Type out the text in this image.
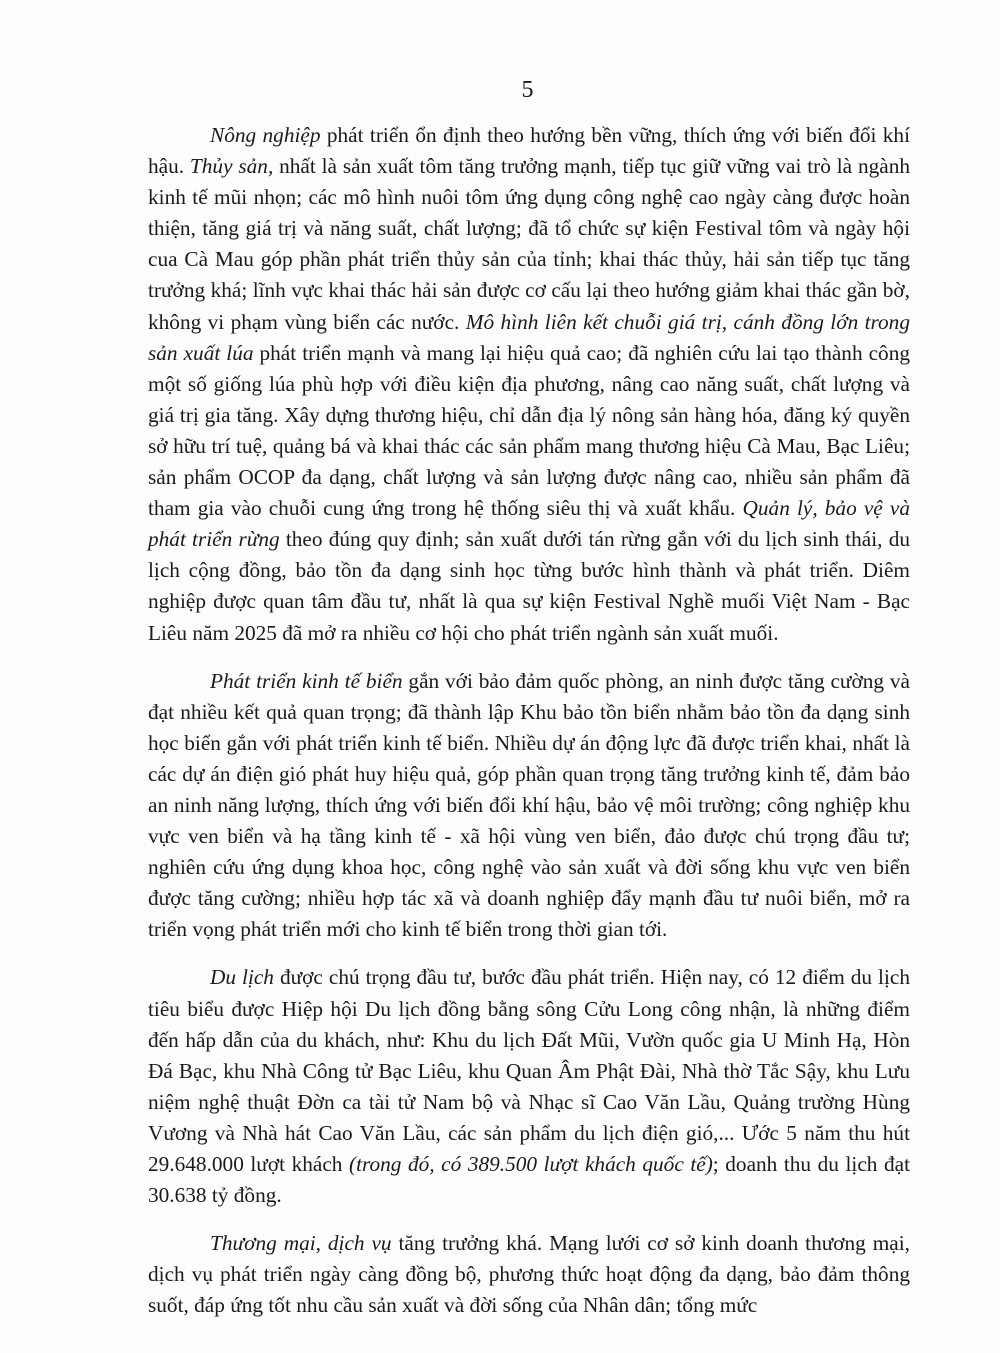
5

Nông nghiệp phát triển ổn định theo hướng bền vững, thích ứng với biến đổi khí hậu. Thủy sản, nhất là sản xuất tôm tăng trưởng mạnh, tiếp tục giữ vững vai trò là ngành kinh tế mũi nhọn; các mô hình nuôi tôm ứng dụng công nghệ cao ngày càng được hoàn thiện, tăng giá trị và năng suất, chất lượng; đã tổ chức sự kiện Festival tôm và ngày hội cua Cà Mau góp phần phát triển thủy sản của tỉnh; khai thác thủy, hải sản tiếp tục tăng trưởng khá; lĩnh vực khai thác hải sản được cơ cấu lại theo hướng giảm khai thác gần bờ, không vi phạm vùng biển các nước. Mô hình liên kết chuỗi giá trị, cánh đồng lớn trong sản xuất lúa phát triển mạnh và mang lại hiệu quả cao; đã nghiên cứu lai tạo thành công một số giống lúa phù hợp với điều kiện địa phương, nâng cao năng suất, chất lượng và giá trị gia tăng. Xây dựng thương hiệu, chỉ dẫn địa lý nông sản hàng hóa, đăng ký quyền sở hữu trí tuệ, quảng bá và khai thác các sản phẩm mang thương hiệu Cà Mau, Bạc Liêu; sản phẩm OCOP đa dạng, chất lượng và sản lượng được nâng cao, nhiều sản phẩm đã tham gia vào chuỗi cung ứng trong hệ thống siêu thị và xuất khẩu. Quản lý, bảo vệ và phát triển rừng theo đúng quy định; sản xuất dưới tán rừng gắn với du lịch sinh thái, du lịch cộng đồng, bảo tồn đa dạng sinh học từng bước hình thành và phát triển. Diêm nghiệp được quan tâm đầu tư, nhất là qua sự kiện Festival Nghề muối Việt Nam - Bạc Liêu năm 2025 đã mở ra nhiều cơ hội cho phát triển ngành sản xuất muối.

Phát triển kinh tế biển gắn với bảo đảm quốc phòng, an ninh được tăng cường và đạt nhiều kết quả quan trọng; đã thành lập Khu bảo tồn biển nhằm bảo tồn đa dạng sinh học biển gắn với phát triển kinh tế biển. Nhiều dự án động lực đã được triển khai, nhất là các dự án điện gió phát huy hiệu quả, góp phần quan trọng tăng trưởng kinh tế, đảm bảo an ninh năng lượng, thích ứng với biến đổi khí hậu, bảo vệ môi trường; công nghiệp khu vực ven biển và hạ tầng kinh tế - xã hội vùng ven biển, đảo được chú trọng đầu tư; nghiên cứu ứng dụng khoa học, công nghệ vào sản xuất và đời sống khu vực ven biển được tăng cường; nhiều hợp tác xã và doanh nghiệp đẩy mạnh đầu tư nuôi biển, mở ra triển vọng phát triển mới cho kinh tế biển trong thời gian tới.

Du lịch được chú trọng đầu tư, bước đầu phát triển. Hiện nay, có 12 điểm du lịch tiêu biểu được Hiệp hội Du lịch đồng bằng sông Cửu Long công nhận, là những điểm đến hấp dẫn của du khách, như: Khu du lịch Đất Mũi, Vườn quốc gia U Minh Hạ, Hòn Đá Bạc, khu Nhà Công tử Bạc Liêu, khu Quan Âm Phật Đài, Nhà thờ Tắc Sậy, khu Lưu niệm nghệ thuật Đờn ca tài tử Nam bộ và Nhạc sĩ Cao Văn Lầu, Quảng trường Hùng Vương và Nhà hát Cao Văn Lầu, các sản phẩm du lịch điện gió,... Ước 5 năm thu hút 29.648.000 lượt khách (trong đó, có 389.500 lượt khách quốc tế); doanh thu du lịch đạt 30.638 tỷ đồng.

Thương mại, dịch vụ tăng trưởng khá. Mạng lưới cơ sở kinh doanh thương mại, dịch vụ phát triển ngày càng đồng bộ, phương thức hoạt động đa dạng, bảo đảm thông suốt, đáp ứng tốt nhu cầu sản xuất và đời sống của Nhân dân; tổng mức
